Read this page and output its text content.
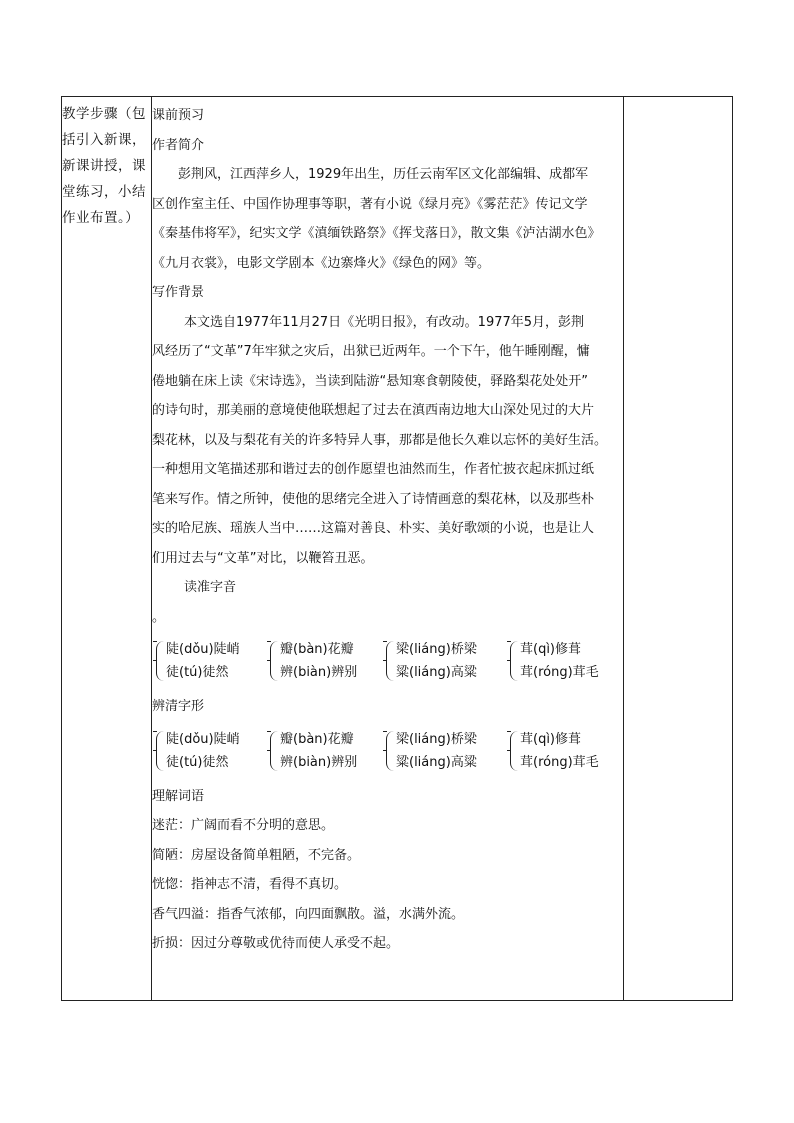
教学步骤（包
括引入新课，
新课讲授，课
堂练习，小结
作业布置。）
课前预习
作者简介
彭荆风，江西萍乡人，1929年出生，历任云南军区文化部编辑、成都军
区创作室主任、中国作协理事等职，著有小说《绿月亮》《雾茫茫》传记文学
《秦基伟将军》，纪实文学《滇缅铁路祭》《挥戈落日》，散文集《泸沽湖水色》
《九月衣裳》，电影文学剧本《边寨烽火》《绿色的网》等。
写作背景
本文选自1977年11月27日《光明日报》，有改动。1977年5月，彭荆
风经历了“文革”7年牢狱之灾后，出狱已近两年。一个下午，他午睡刚醒，慵
倦地躺在床上读《宋诗选》，当读到陆游“悬知寒食朝陵使，驿路梨花处处开”
的诗句时，那美丽的意境使他联想起了过去在滇西南边地大山深处见过的大片
梨花林，以及与梨花有关的许多特异人事，那都是他长久难以忘怀的美好生活。
一种想用文笔描述那和谐过去的创作愿望也油然而生，作者忙披衣起床抓过纸
笔来写作。情之所钟，使他的思绪完全进入了诗情画意的梨花林，以及那些朴
实的哈尼族、瑶族人当中……这篇对善良、朴实、美好歌颂的小说，也是让人
们用过去与“文革”对比，以鞭笞丑恶。
读准字音
。
陡(dǒu)陡峭
徒(tú)徒然
瓣(bàn)花瓣
辨(biàn)辨别
梁(liáng)桥梁
粱(liáng)高粱
茸(qì)修葺
茸(róng)茸毛
辨清字形
陡(dǒu)陡峭
徒(tú)徒然
瓣(bàn)花瓣
辨(biàn)辨别
梁(liáng)桥梁
粱(liáng)高粱
茸(qì)修葺
茸(róng)茸毛
理解词语
迷茫：广阔而看不分明的意思。
简陋：房屋设备简单粗陋，不完备。
恍惚：指神志不清，看得不真切。
香气四溢：指香气浓郁，向四面飘散。溢，水满外流。
折损：因过分尊敬或优待而使人承受不起。
